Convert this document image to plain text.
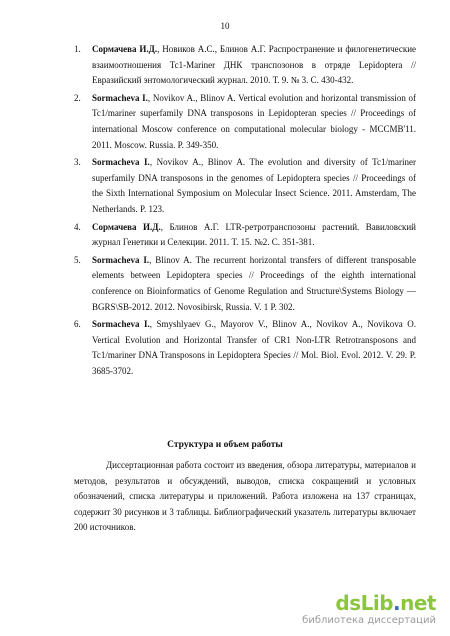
10
1. Сормачева И.Д., Новиков А.С., Блинов А.Г. Распространение и филогенетические взаимоотношения Tc1-Mariner ДНК транспозонов в отряде Lepidoptera // Евразийский энтомологический журнал. 2010. Т. 9. № 3. С. 430-432.
2. Sormacheva I., Novikov A., Blinov A. Vertical evolution and horizontal transmission of Tc1/mariner superfamily DNA transposons in Lepidopteran species // Proceedings of international Moscow conference on computational molecular biology - MCCMB'11. 2011. Moscow. Russia. P. 349-350.
3. Sormacheva I., Novikov A., Blinov A. The evolution and diversity of Tc1/mariner superfamily DNA transposons in the genomes of Lepidoptera species // Proceedings of the Sixth International Symposium on Molecular Insect Science. 2011. Amsterdam, The Netherlands. P. 123.
4. Сормачева И.Д., Блинов А.Г. LTR-ретротранспозоны растений. Вавиловский журнал Генетики и Селекции. 2011. Т. 15. №2. С. 351-381.
5. Sormacheva I., Blinov A. The recurrent horizontal transfers of different transposable elements between Lepidoptera species // Proceedings of the eighth international conference on Bioinformatics of Genome Regulation and Structure\Systems Biology — BGRS\SB-2012. 2012. Novosibirsk, Russia. V. 1 P. 302.
6. Sormacheva I., Smyshlyaev G., Mayorov V., Blinov A., Novikov A., Novikova O. Vertical Evolution and Horizontal Transfer of CR1 Non-LTR Retrotransposons and Tc1/mariner DNA Transposons in Lepidoptera Species // Mol. Biol. Evol. 2012. V. 29. P. 3685-3702.
Структура и объем работы

Диссертационная работа состоит из введения, обзора литературы, материалов и методов, результатов и обсуждений, выводов, списка сокращений и условных обозначений, списка литературы и приложений. Работа изложена на 137 страницах, содержит 30 рисунков и 3 таблицы. Библиографический указатель литературы включает 200 источников.

dsLib.net
библиотека диссертаций
